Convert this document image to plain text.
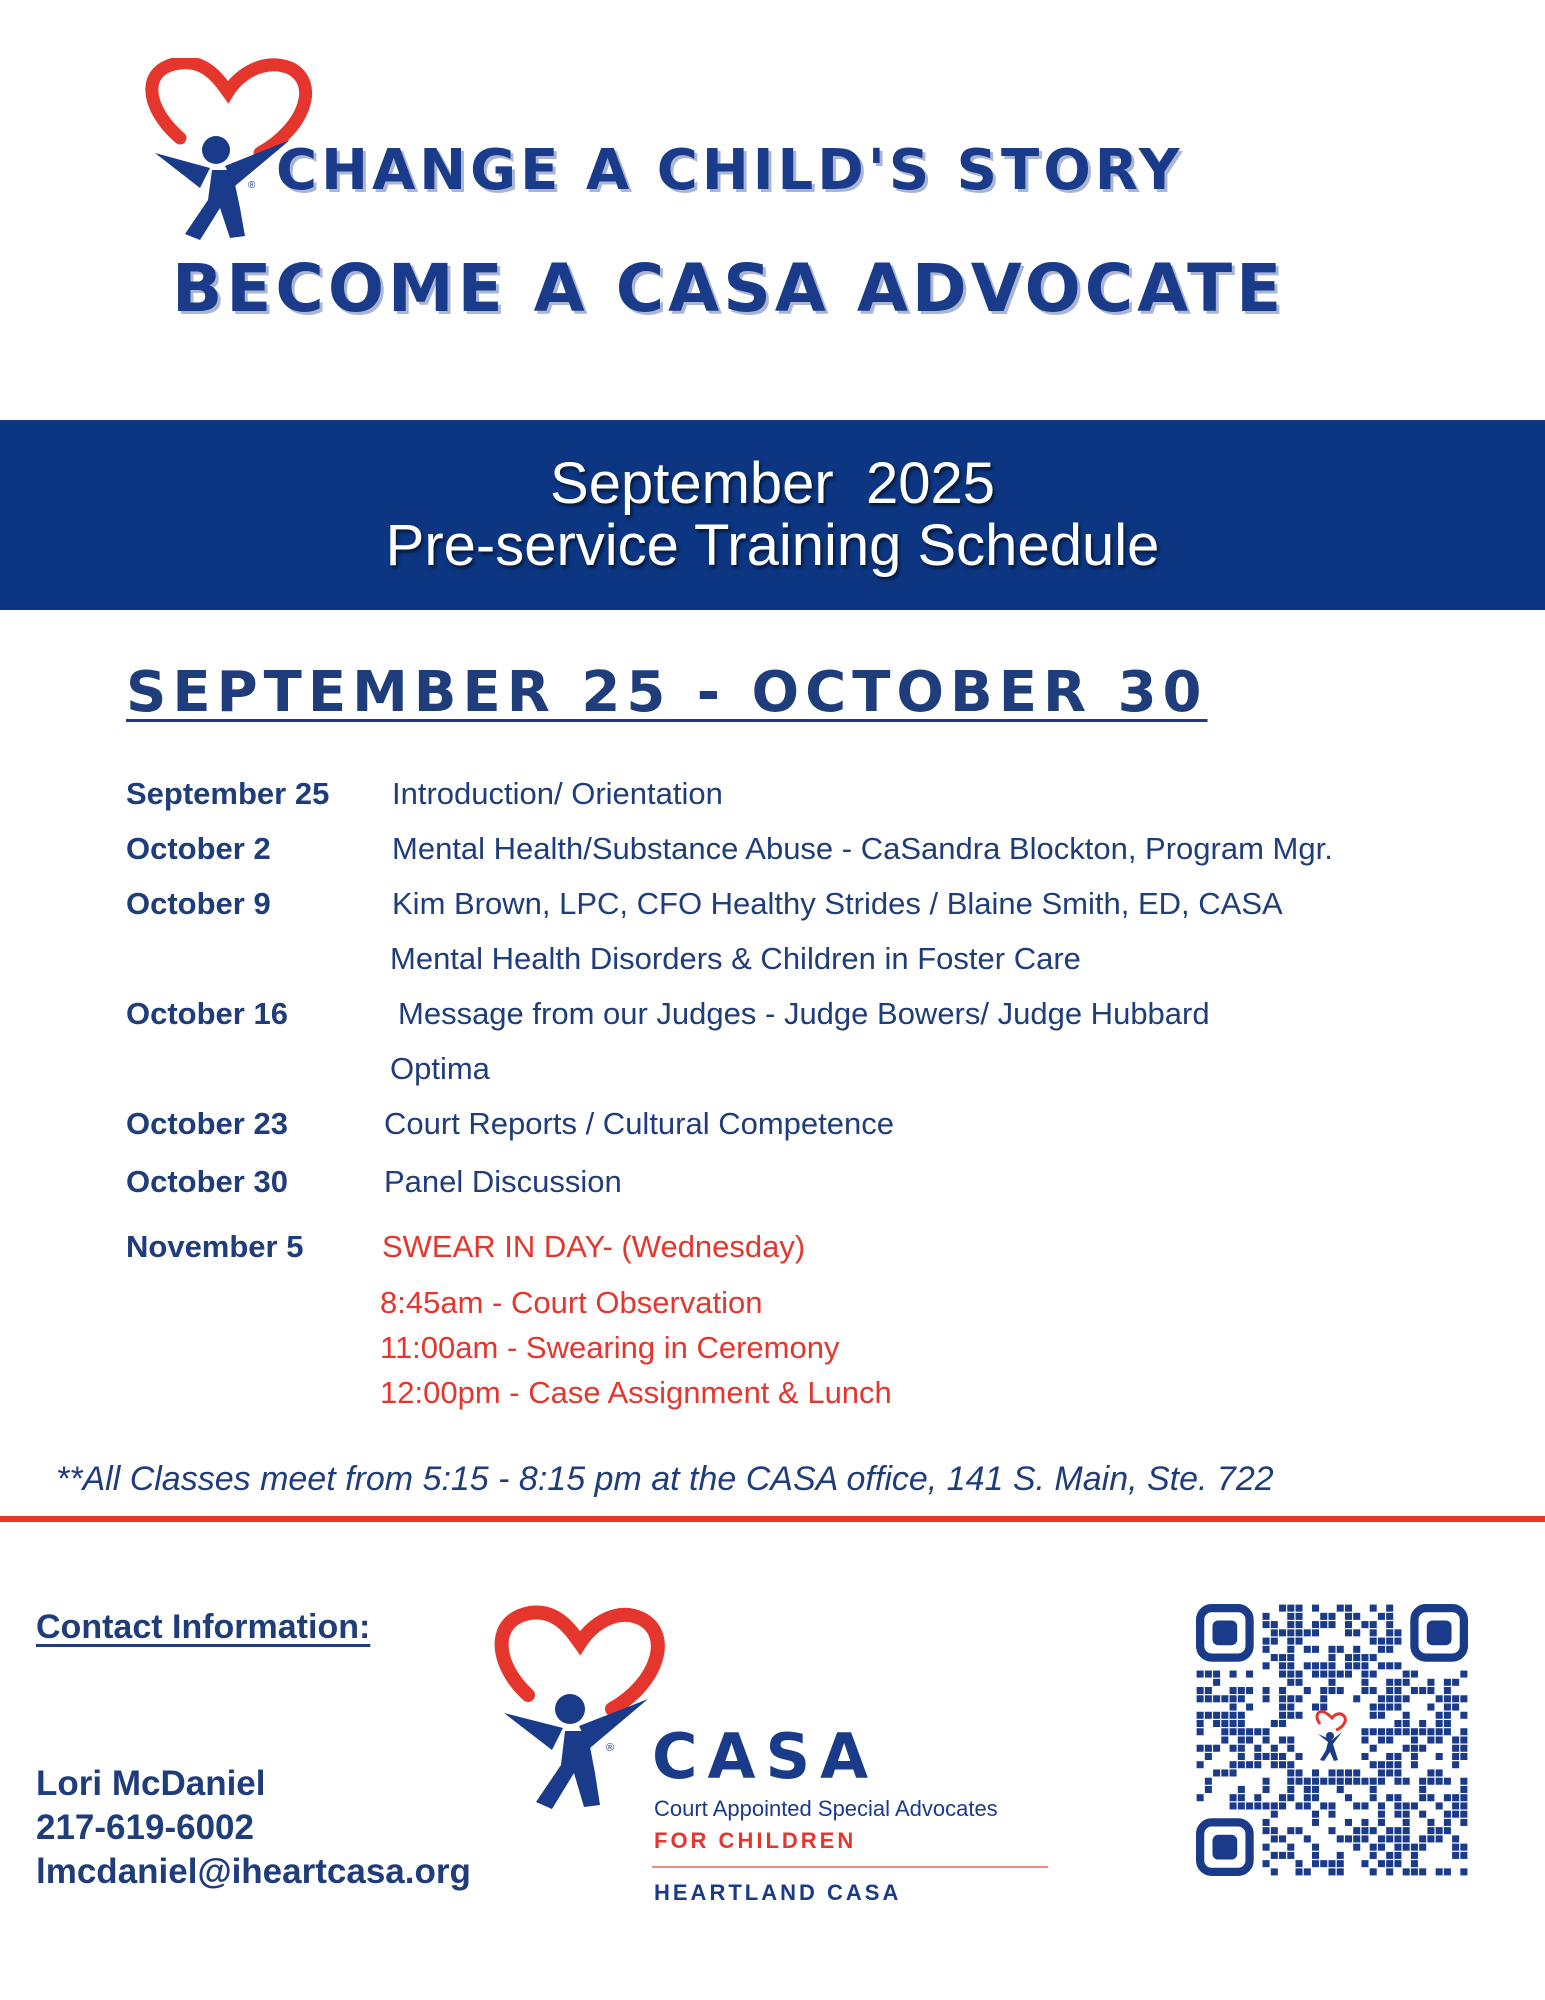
® CHANGE A CHILD'S STORY
BECOME A CASA ADVOCATE
September  2025
Pre-service Training Schedule
SEPTEMBER 25 - OCTOBER 30
September 25 Introduction/ Orientation
October 2	Mental Health/Substance Abuse - CaSandra Blockton, Program Mgr.
October 9	Kim Brown, LPC, CFO Healthy Strides / Blaine Smith, ED, CASA
Mental Health Disorders & Children in Foster Care
October 16	Message from our Judges - Judge Bowers/ Judge Hubbard
Optima
October 23	Court Reports / Cultural Competence
October 30	Panel Discussion
November 5	SWEAR IN DAY- (Wednesday)
8:45am - Court Observation
11:00am - Swearing in Ceremony
12:00pm - Case Assignment & Lunch
**All Classes meet from 5:15 - 8:15 pm at the CASA office, 141 S. Main, Ste. 722
Contact Information:
Lori McDaniel
217-619-6002
lmcdaniel@iheartcasa.org
® CASA
Court Appointed Special Advocates
FOR CHILDREN
HEARTLAND CASA
